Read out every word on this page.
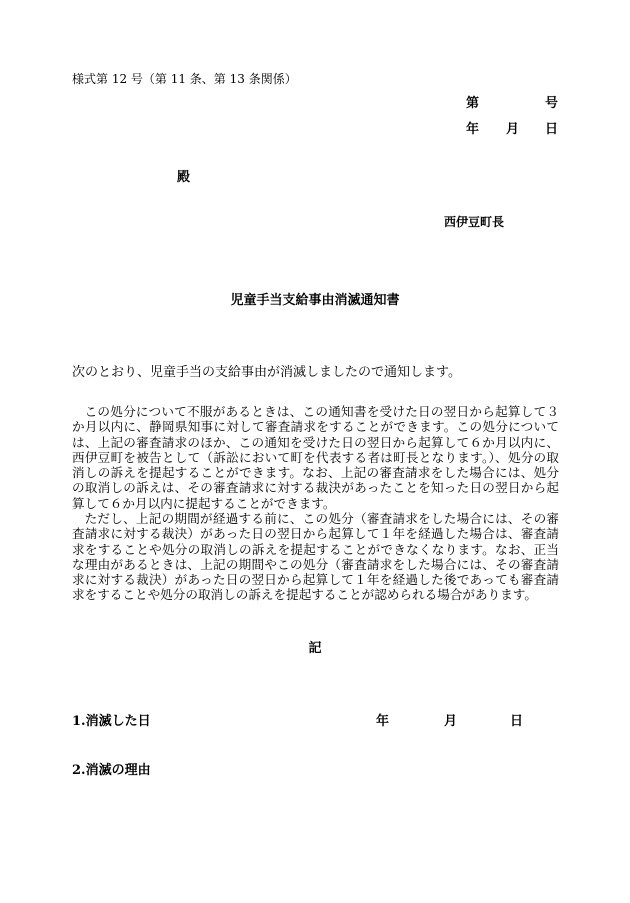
様式第 12 号（第 11 条、第 13 条関係）
第	号
年 月 日
殿
西伊豆町長
児童手当支給事由消滅通知書
次のとおり、児童手当の支給事由が消滅しましたので通知します。
この処分について不服があるときは、この通知書を受けた日の翌日から起算して３か月以内に、静岡県知事に対して審査請求をすることができます。この処分については、上記の審査請求のほか、この通知を受けた日の翌日から起算して６か月以内に、西伊豆町を被告として（訴訟において町を代表する者は町長となります。）、処分の取消しの訴えを提起することができます。なお、上記の審査請求をした場合には、処分の取消しの訴えは、その審査請求に対する裁決があったことを知った日の翌日から起算して６か月以内に提起することができます。
ただし、上記の期間が経過する前に、この処分（審査請求をした場合には、その審査請求に対する裁決）があった日の翌日から起算して１年を経過した場合は、審査請求をすることや処分の取消しの訴えを提起することができなくなります。なお、正当な理由があるときは、上記の期間やこの処分（審査請求をした場合には、その審査請求に対する裁決）があった日の翌日から起算して１年を経過した後であっても審査請求をすることや処分の取消しの訴えを提起することが認められる場合があります。
記
1.消滅した日	年	月	日
2.消滅の理由
